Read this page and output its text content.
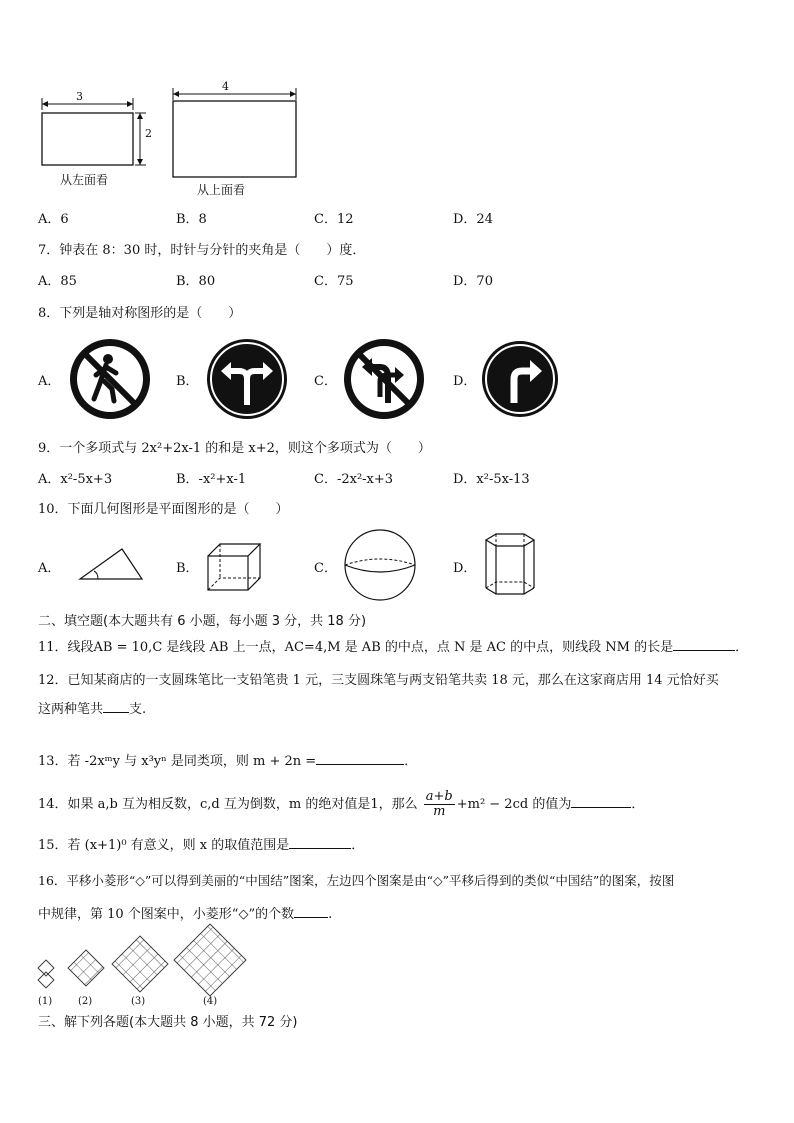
3
2
从左面看
4
从上面看
A．6	B．8	C．12	D．24
7．钟表在 8：30 时，时针与分针的夹角是（　　）度．
A．85	B．80	C．75	D．70
8．下列是轴对称图形的是（　　）
A．	B．	C．	D．
9．一个多项式与 2x²+2x-1 的和是 x+2，则这个多项式为（　　）
A．x²-5x+3	B．-x²+x-1	C．-2x²-x+3	D．x²-5x-13
10．下面几何图形是平面图形的是（　　）
A．	B．	C．	D．
二、填空题(本大题共有 6 小题，每小题 3 分，共 18 分)
11．线段AB = 10,C 是线段 AB 上一点，AC=4,M 是 AB 的中点，点 N 是 AC 的中点，则线段 NM 的长是	．
12．已知某商店的一支圆珠笔比一支铅笔贵 1 元，三支圆珠笔与两支铅笔共卖 18 元，那么在这家商店用 14 元恰好买
这两种笔共 支.
13．若 -2xᵐy 与 x³yⁿ 是同类项，则 m + 2n =	．
14．如果 a,b 互为相反数，c,d 互为倒数，m 的绝对值是1，那么 $\frac{a+b}{m} +m^2 - 2cd$ 的值为	．
15．若 (x+1)⁰ 有意义，则 x 的取值范围是	．
16．平移小菱形“◇”可以得到美丽的“中国结”图案，左边四个图案是由“◇”平移后得到的类似“中国结”的图案，按图
中规律，第 10 个图案中，小菱形“◇”的个数	.
(1)	(2)	(3)	(4)
三、解下列各题(本大题共 8 小题，共 72 分)
